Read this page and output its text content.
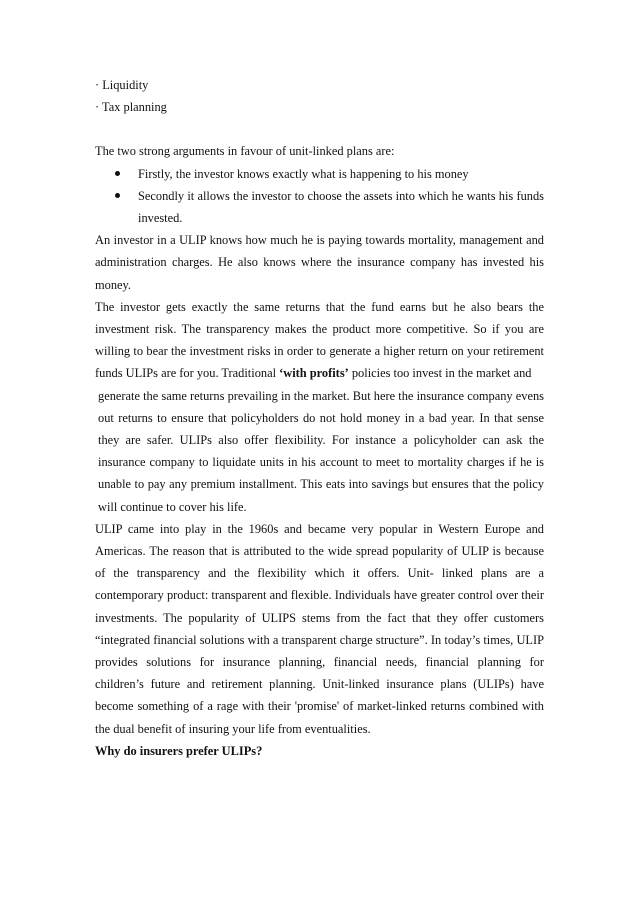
· Liquidity

· Tax planning

The two strong arguments in favour of unit-linked plans are:

Firstly, the investor knows exactly what is happening to his money
Secondly it allows the investor to choose the assets into which he wants his funds invested.

An investor in a ULIP knows how much he is paying towards mortality, management and administration charges. He also knows where the insurance company has invested his money.

The investor gets exactly the same returns that the fund earns but he also bears the investment risk. The transparency makes the product more competitive. So if you are willing to bear the investment risks in order to generate a higher return on your retirement funds ULIPs are for you. Traditional ‘with profits’ policies too invest in the market and

generate the same returns prevailing in the market. But here the insurance company evens out returns to ensure that policyholders do not hold money in a bad year. In that sense they are safer. ULIPs also offer flexibility. For instance a policyholder can ask the insurance company to liquidate units in his account to meet to mortality charges if he is unable to pay any premium installment. This eats into savings but ensures that the policy will continue to cover his life.

ULIP came into play in the 1960s and became very popular in Western Europe and Americas. The reason that is attributed to the wide spread popularity of ULIP is because of the transparency and the flexibility which it offers. Unit- linked plans are a contemporary product: transparent and flexible. Individuals have greater control over their investments. The popularity of ULIPS stems from the fact that they offer customers “integrated financial solutions with a transparent charge structure”. In today’s times, ULIP provides solutions for insurance planning, financial needs, financial planning for children’s future and retirement planning. Unit-linked insurance plans (ULIPs) have become something of a rage with their 'promise' of market-linked returns combined with the dual benefit of insuring your life from eventualities.

Why do insurers prefer ULIPs?
